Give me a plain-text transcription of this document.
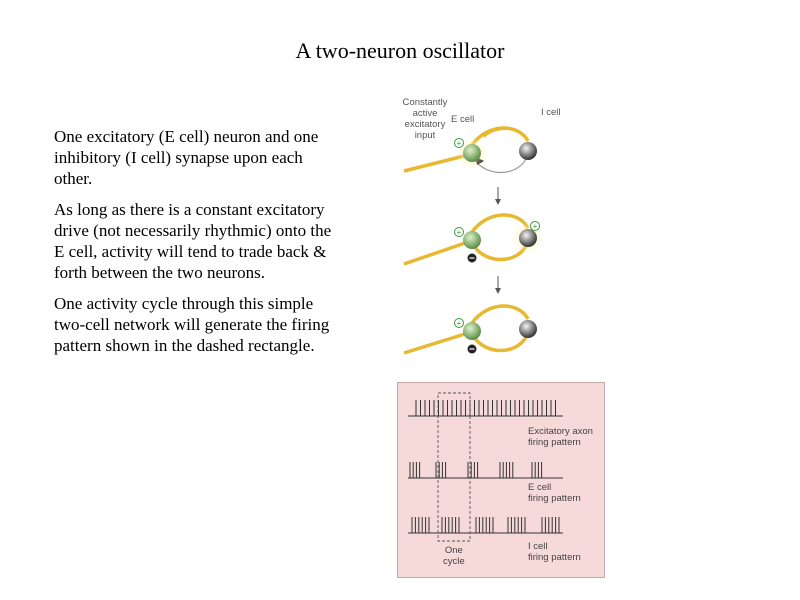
A two-neuron oscillator

One excitatory (E cell) neuron and one inhibitory (I cell) synapse upon each other.

As long as there is a constant excitatory drive (not necessarily rhythmic) onto the E cell, activity will tend to trade back & forth between the two neurons.

One activity cycle through this simple two-cell network will generate the firing pattern shown in the dashed rectangle.

Constantly
active
excitatory
input
E cell
I cell
+
+
+
+
Excitatory axon
firing pattern
E cell
firing pattern
I cell
firing pattern
One
cycle
